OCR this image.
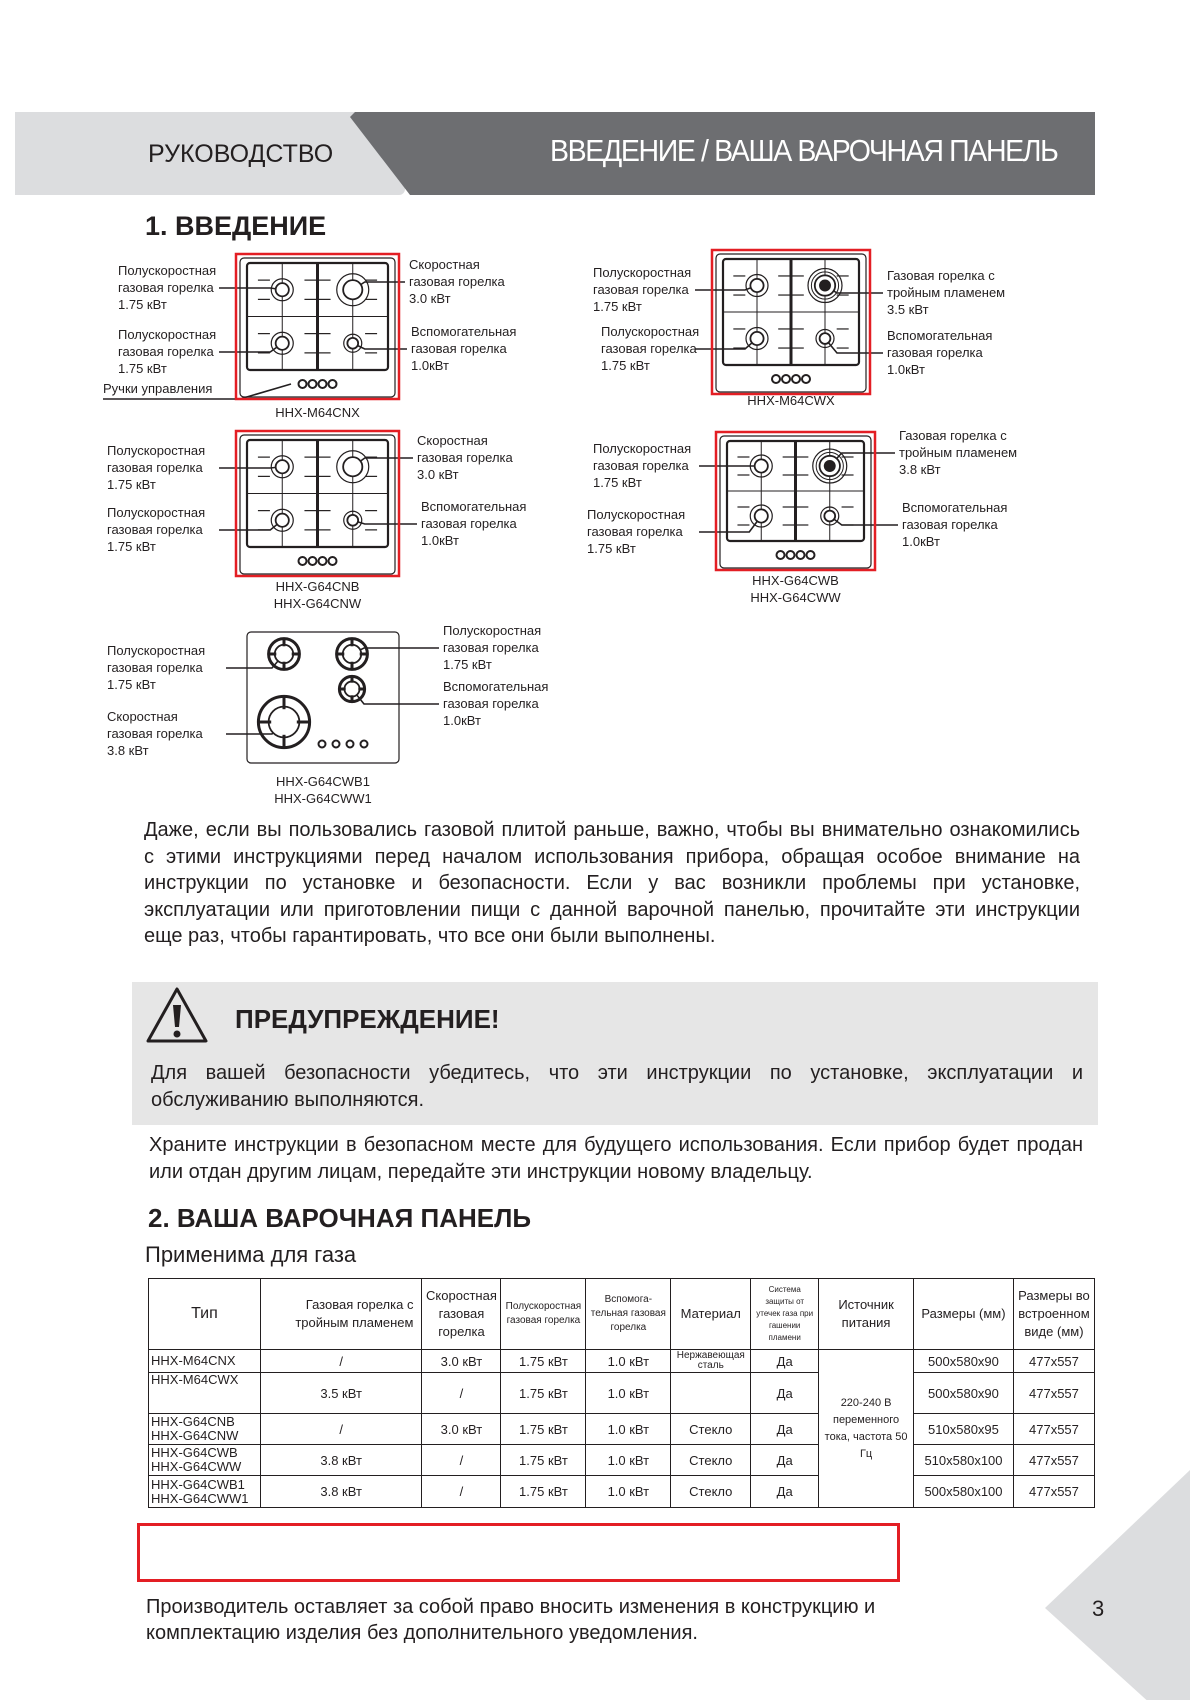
РУКОВОДСТВО	ВВЕДЕНИЕ / ВАША ВАРОЧНАЯ ПАНЕЛЬ
1. ВВЕДЕНИЕ
Полускоростная
газовая горелка
1.75 кВт
Полускоростная
газовая горелка
1.75 кВт
Скоростная
газовая горелка
3.0 кВт
Вспомогательная
газовая горелка
1.0кВт
Ручки управления
HHX-M64CNX
Полускоростная
газовая горелка
1.75 кВт
Полускоростная
газовая горелка
1.75 кВт
Скоростная
газовая горелка
3.0 кВт
Вспомогательная
газовая горелка
1.0кВт
HHX-G64CNB
HHX-G64CNW
Полускоростная
газовая горелка
1.75 кВт
Полускоростная
газовая горелка
1.75 кВт
Газовая горелка с
тройным пламенем
3.5 кВт
Вспомогательная
газовая горелка
1.0кВт
HHX-M64CWX
Полускоростная
газовая горелка
1.75 кВт
Полускоростная
газовая горелка
1.75 кВт
Газовая горелка с
тройным пламенем
3.8 кВт
Вспомогательная
газовая горелка
1.0кВт
HHX-G64CWB
HHX-G64CWW
Полускоростная
газовая горелка
1.75 кВт
Скоростная
газовая горелка
3.8 кВт
Полускоростная
газовая горелка
1.75 кВт
Вспомогательная
газовая горелка
1.0кВт
HHX-G64CWB1
HHX-G64CWW1
Даже, если вы пользовались газовой плитой раньше, важно, чтобы вы внимательно ознакомились с этими инструкциями перед началом использования прибора, обращая особое внимание на инструкции по установке и безопасности. Если у вас возникли проблемы при установке, эксплуатации или приготовлении пищи с данной варочной панелью, прочитайте эти инструкции еще раз, чтобы гарантировать, что все они были выполнены.
ПРЕДУПРЕЖДЕНИЕ!
Для вашей безопасности убедитесь, что эти инструкции по установке, эксплуатации и обслуживанию выполняются.
Храните инструкции в безопасном месте для будущего использования. Если прибор будет продан или отдан другим лицам, передайте эти инструкции новому владельцу.
2. ВАША ВАРОЧНАЯ ПАНЕЛЬ
Применима для газа
Тип	Газовая горелка с тройным пламенем	Скоростная газовая горелка	Полускоростная газовая горелка	Вспомога-тельная газовая горелка	Материал	Система защиты от утечек газа при гашении пламени	Источник питания	Размеры (мм)	Размеры во встроенном виде (мм)

HHX-M64CNX	/	3.0 кВт	1.75 кВт	1.0 кВт	Нержавеющая сталь	Да	220-240 В переменного тока, частота 50 Гц	500x580x90	477x557

HHX-M64CWX	3.5 кВт	/	1.75 кВт	1.0 кВт		Да		500x580x90	477x557

HHX-G64CNB
HHX-G64CNW	/	3.0 кВт	1.75 кВт	1.0 кВт	Стекло	Да		510x580x95	477x557

HHX-G64CWB
HHX-G64CWW	3.8 кВт	/	1.75 кВт	1.0 кВт	Стекло	Да		510x580x100	477x557

HHX-G64CWB1
HHX-G64CWW1	3.8 кВт	/	1.75 кВт	1.0 кВт	Стекло	Да		500x580x100	477x557
Производитель оставляет за собой право вносить изменения в конструкцию и
комплектацию изделия без дополнительного уведомления.
3
